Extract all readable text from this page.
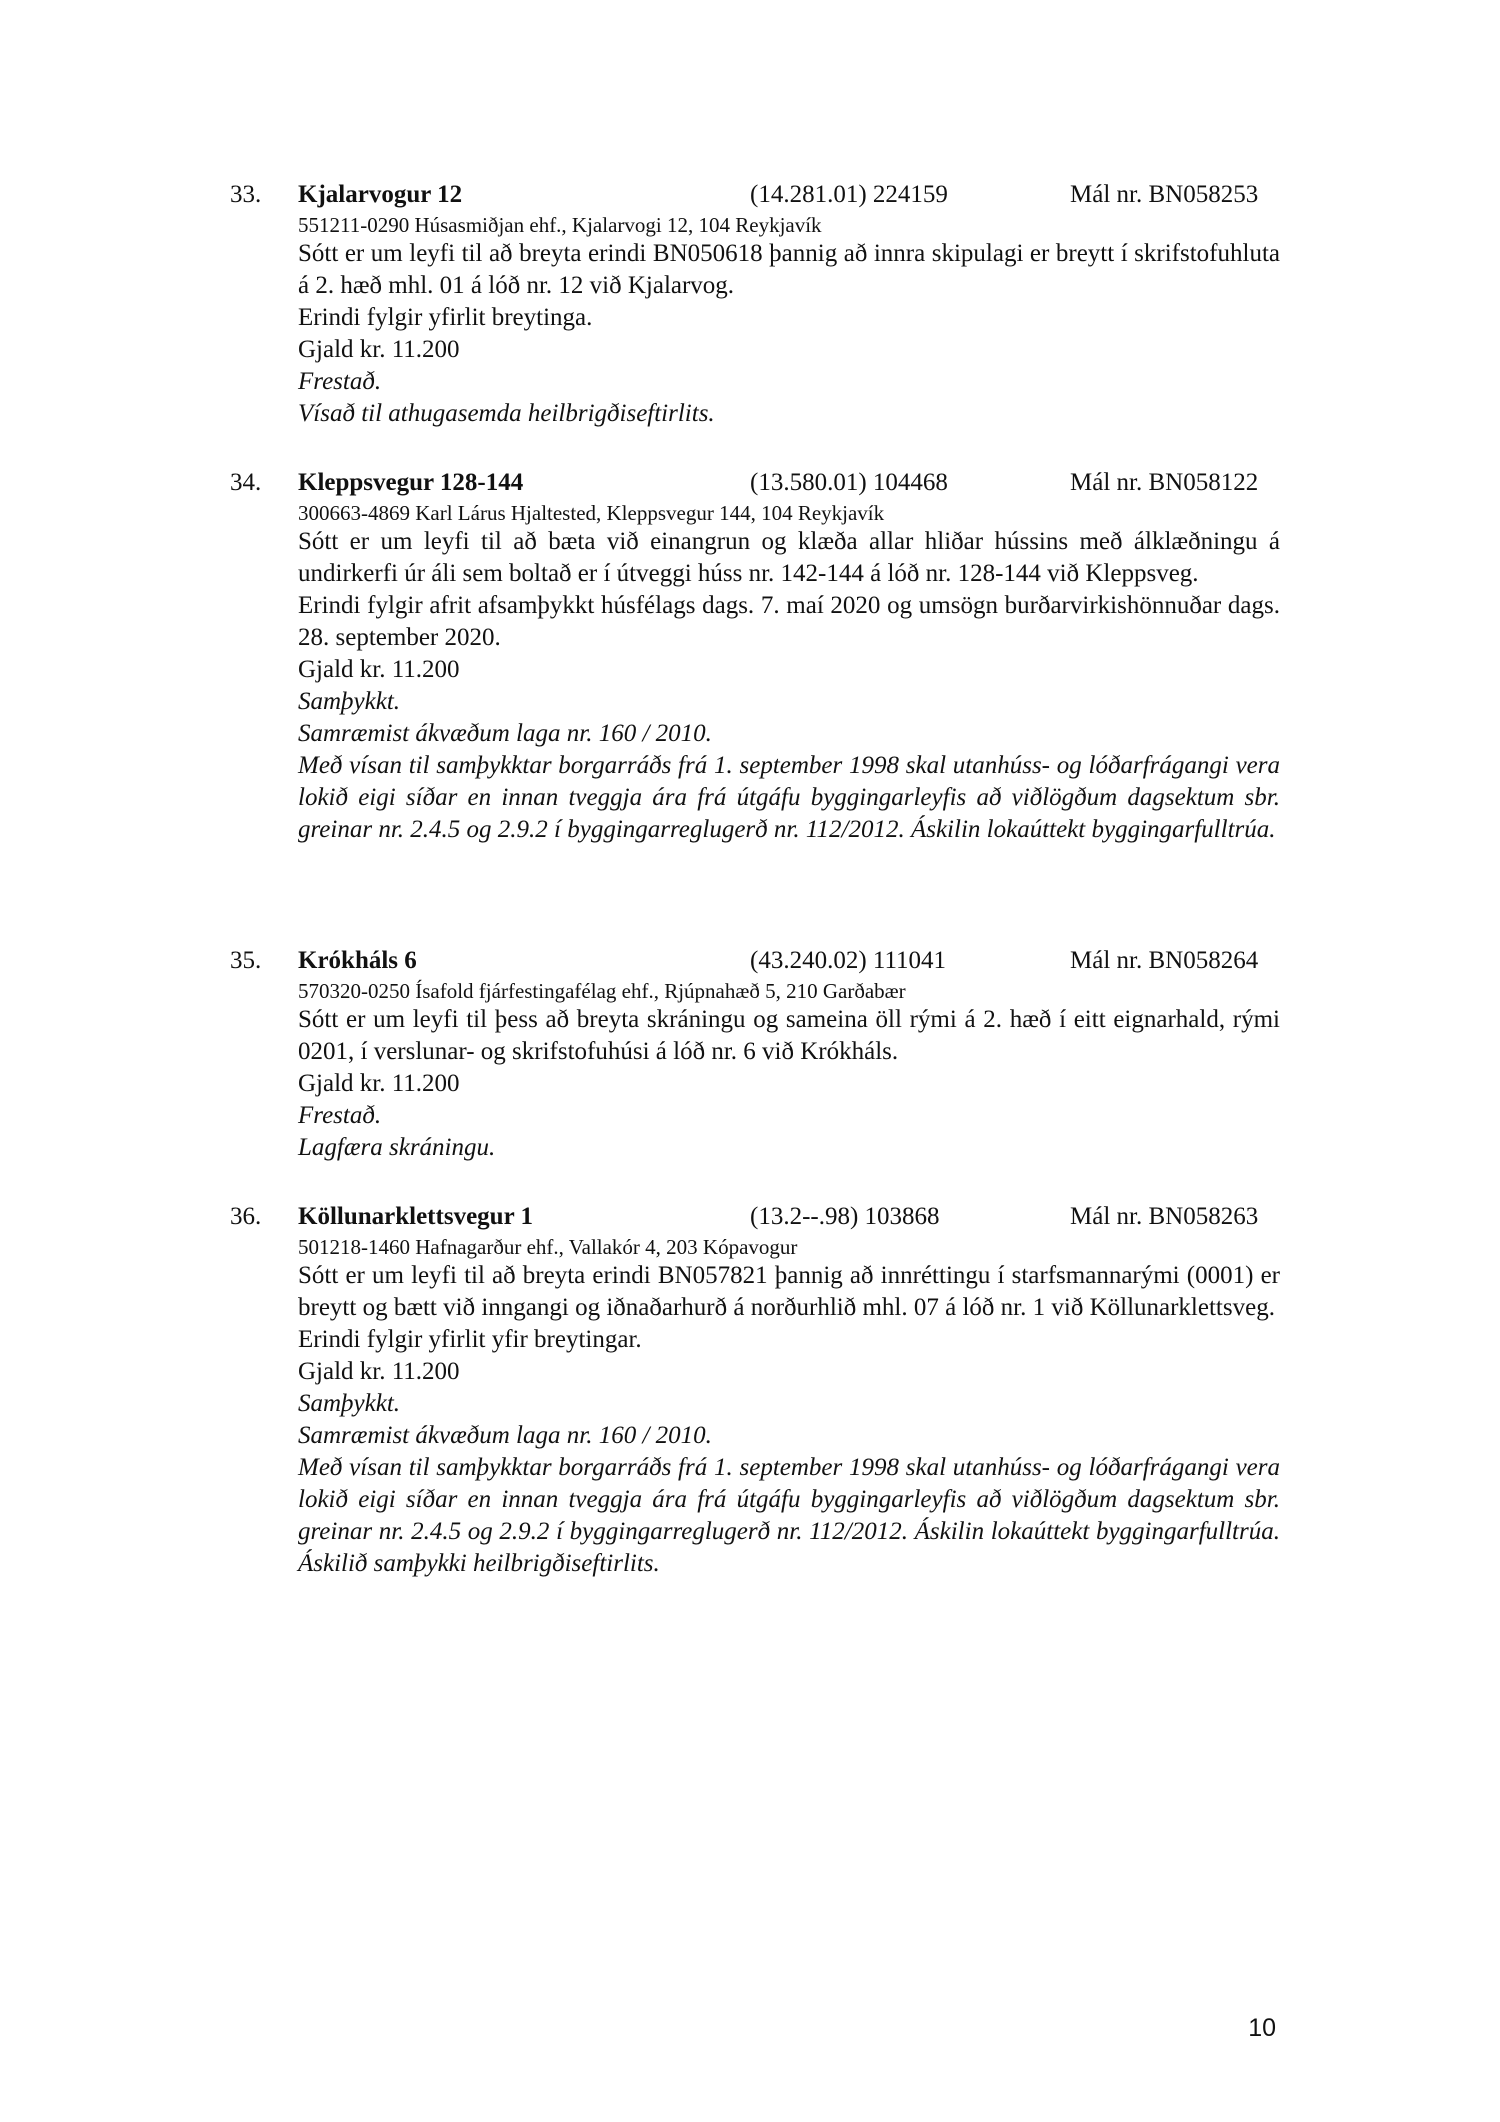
33. Kjalarvogur 12	(14.281.01) 224159	Mál nr. BN058253
551211-0290 Húsasmiðjan ehf., Kjalarvogi 12, 104 Reykjavík
Sótt er um leyfi til að breyta erindi BN050618 þannig að innra skipulagi er breytt í skrifstofuhluta á 2. hæð mhl. 01 á lóð nr. 12 við Kjalarvog.
Erindi fylgir yfirlit breytinga.
Gjald kr. 11.200
Frestað.
Vísað til athugasemda heilbrigðiseftirlits.
34. Kleppsvegur 128-144	(13.580.01) 104468	Mál nr. BN058122
300663-4869 Karl Lárus Hjaltested, Kleppsvegur 144, 104 Reykjavík
Sótt er um leyfi til að bæta við einangrun og klæða allar hliðar hússins með álklæðningu á undirkerfi úr áli sem boltað er í útveggi húss nr. 142-144 á lóð nr. 128-144 við Kleppsveg.
Erindi fylgir afrit afsamþykkt húsfélags dags. 7. maí 2020 og umsögn burðarvirkishönnuðar dags. 28. september 2020.
Gjald kr. 11.200
Samþykkt.
Samræmist ákvæðum laga nr. 160 / 2010.
Með vísan til samþykktar borgarráðs frá 1. september 1998 skal utanhúss- og lóðarfrágangi vera lokið eigi síðar en innan tveggja ára frá útgáfu byggingarleyfis að viðlögðum dagsektum sbr. greinar nr. 2.4.5 og 2.9.2 í byggingarreglugerð nr. 112/2012. Áskilin lokaúttekt byggingarfulltrúa.
35. Krókháls 6	(43.240.02) 111041	Mál nr. BN058264
570320-0250 Ísafold fjárfestingafélag ehf., Rjúpnahæð 5, 210 Garðabær
Sótt er um leyfi til þess að breyta skráningu og sameina öll rými á 2. hæð í eitt eignarhald, rými 0201, í verslunar- og skrifstofuhúsi á lóð nr. 6 við Krókháls.
Gjald kr. 11.200
Frestað.
Lagfæra skráningu.
36. Köllunarklettsvegur 1	(13.2--.98) 103868	Mál nr. BN058263
501218-1460 Hafnagarður ehf., Vallakór 4, 203 Kópavogur
Sótt er um leyfi til að breyta erindi BN057821 þannig að innréttingu í starfsmannarými (0001) er breytt og bætt við inngangi og iðnaðarhurð á norðurhlið mhl. 07 á lóð nr. 1 við Köllunarklettsveg.
Erindi fylgir yfirlit yfir breytingar.
Gjald kr. 11.200
Samþykkt.
Samræmist ákvæðum laga nr. 160 / 2010.
Með vísan til samþykktar borgarráðs frá 1. september 1998 skal utanhúss- og lóðarfrágangi vera lokið eigi síðar en innan tveggja ára frá útgáfu byggingarleyfis að viðlögðum dagsektum sbr. greinar nr. 2.4.5 og 2.9.2 í byggingarreglugerð nr. 112/2012. Áskilin lokaúttekt byggingarfulltrúa. Áskilið samþykki heilbrigðiseftirlits.
10
